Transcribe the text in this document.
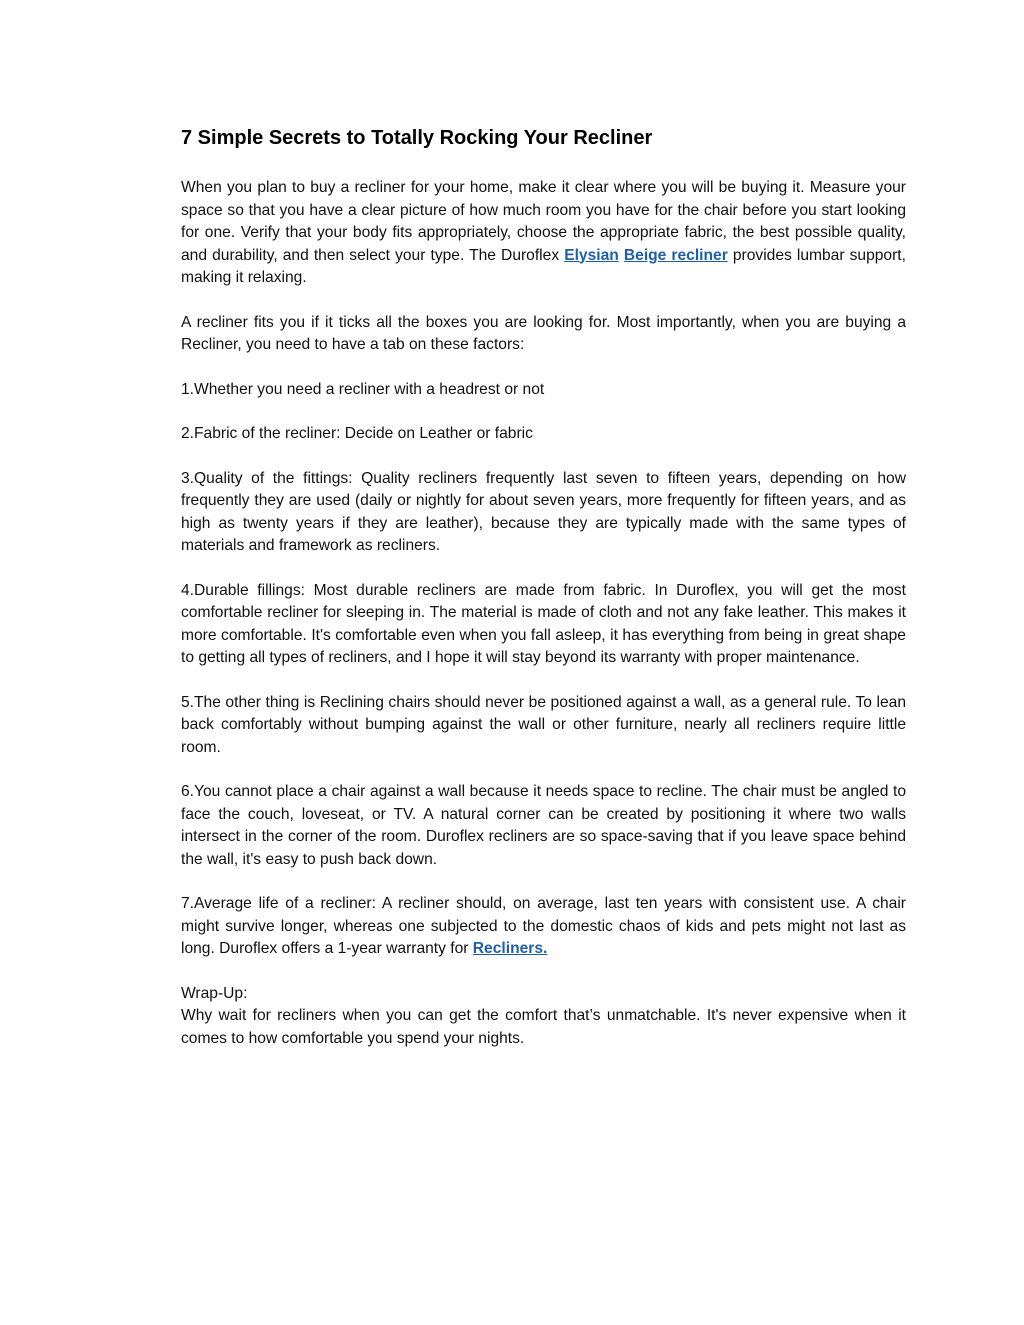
7 Simple Secrets to Totally Rocking Your Recliner

When you plan to buy a recliner for your home, make it clear where you will be buying it. Measure your space so that you have a clear picture of how much room you have for the chair before you start looking for one. Verify that your body fits appropriately, choose the appropriate fabric, the best possible quality, and durability, and then select your type. The Duroflex Elysian Beige recliner provides lumbar support, making it relaxing.

A recliner fits you if it ticks all the boxes you are looking for. Most importantly, when you are buying a Recliner, you need to have a tab on these factors:

1.Whether you need a recliner with a headrest or not

2.Fabric of the recliner: Decide on Leather or fabric

3.Quality of the fittings: Quality recliners frequently last seven to fifteen years, depending on how frequently they are used (daily or nightly for about seven years, more frequently for fifteen years, and as high as twenty years if they are leather), because they are typically made with the same types of materials and framework as recliners.

4.Durable fillings: Most durable recliners are made from fabric. In Duroflex, you will get the most comfortable recliner for sleeping in. The material is made of cloth and not any fake leather. This makes it more comfortable. It's comfortable even when you fall asleep, it has everything from being in great shape to getting all types of recliners, and I hope it will stay beyond its warranty with proper maintenance.

5.The other thing is Reclining chairs should never be positioned against a wall, as a general rule. To lean back comfortably without bumping against the wall or other furniture, nearly all recliners require little room.

6.You cannot place a chair against a wall because it needs space to recline. The chair must be angled to face the couch, loveseat, or TV. A natural corner can be created by positioning it where two walls intersect in the corner of the room. Duroflex recliners are so space-saving that if you leave space behind the wall, it's easy to push back down.

7.Average life of a recliner: A recliner should, on average, last ten years with consistent use. A chair might survive longer, whereas one subjected to the domestic chaos of kids and pets might not last as long. Duroflex offers a 1-year warranty for Recliners.

Wrap-Up:

Why wait for recliners when you can get the comfort that’s unmatchable. It's never expensive when it comes to how comfortable you spend your nights.
